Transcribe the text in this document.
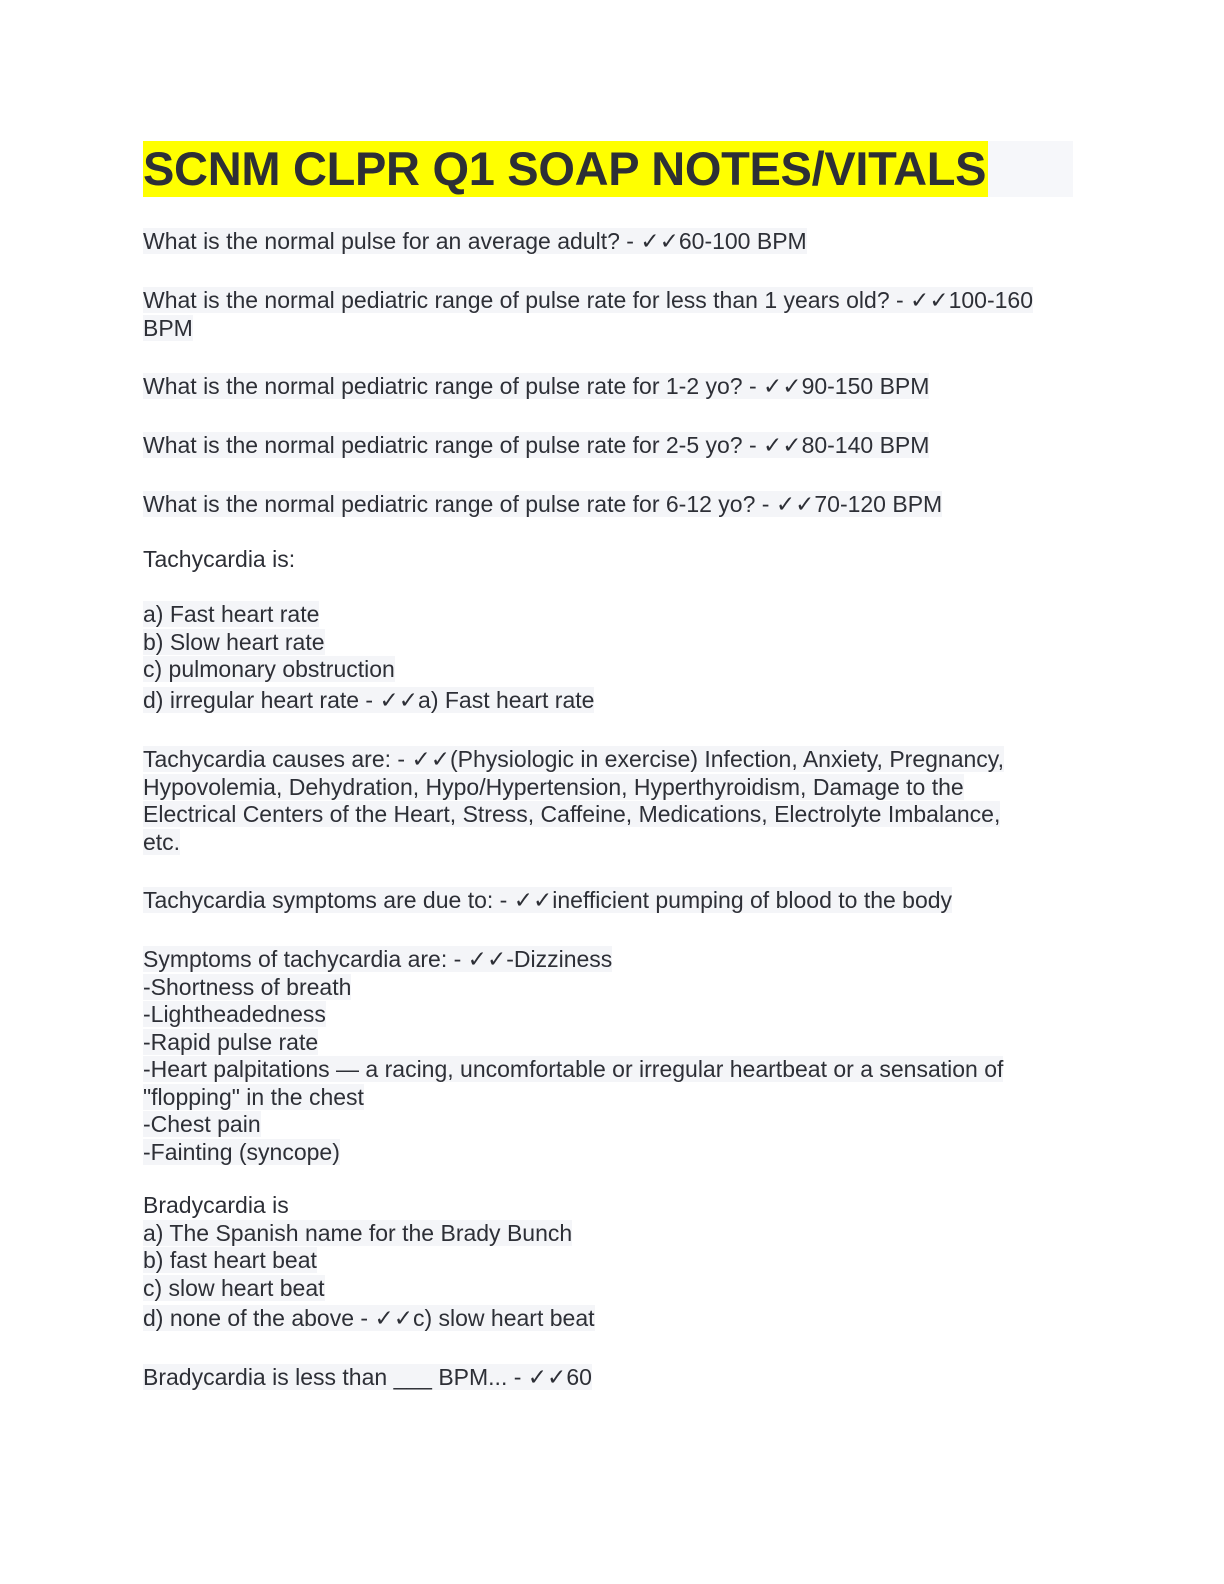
SCNM CLPR Q1 SOAP NOTES/VITALS
What is the normal pulse for an average adult? - ✓✓60-100 BPM
What is the normal pediatric range of pulse rate for less than 1 years old? - ✓✓100-160
BPM
What is the normal pediatric range of pulse rate for 1-2 yo? - ✓✓90-150 BPM
What is the normal pediatric range of pulse rate for 2-5 yo? - ✓✓80-140 BPM
What is the normal pediatric range of pulse rate for 6-12 yo? - ✓✓70-120 BPM
Tachycardia is:
a) Fast heart rate
b) Slow heart rate
c) pulmonary obstruction
d) irregular heart rate - ✓✓a) Fast heart rate
Tachycardia causes are: - ✓✓(Physiologic in exercise) Infection, Anxiety, Pregnancy,
Hypovolemia, Dehydration, Hypo/Hypertension, Hyperthyroidism, Damage to the
Electrical Centers of the Heart, Stress, Caffeine, Medications, Electrolyte Imbalance,
etc.
Tachycardia symptoms are due to: - ✓✓inefficient pumping of blood to the body
Symptoms of tachycardia are: - ✓✓-Dizziness
-Shortness of breath
-Lightheadedness
-Rapid pulse rate
-Heart palpitations — a racing, uncomfortable or irregular heartbeat or a sensation of
"flopping" in the chest
-Chest pain
-Fainting (syncope)
Bradycardia is
a) The Spanish name for the Brady Bunch
b) fast heart beat
c) slow heart beat
d) none of the above - ✓✓c) slow heart beat
Bradycardia is less than ___ BPM... - ✓✓60
